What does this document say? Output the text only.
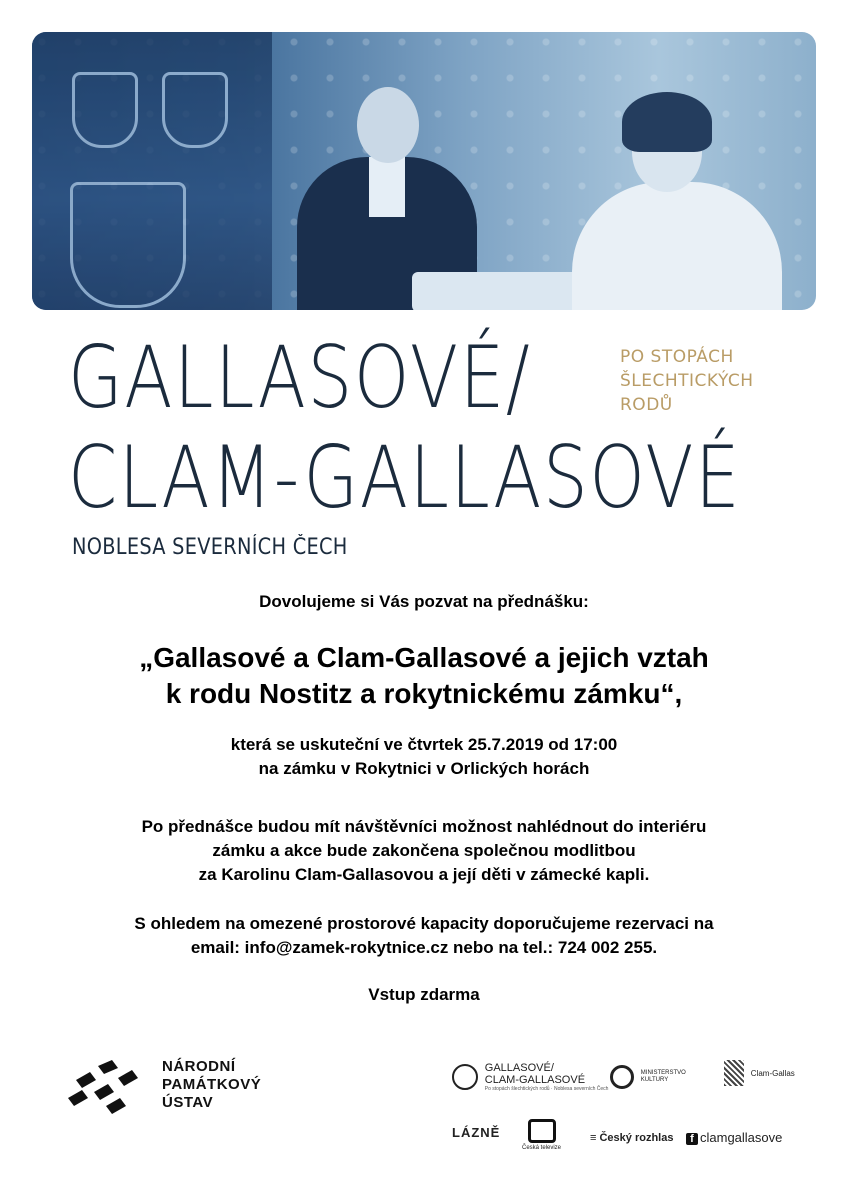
GALLASOVÉ/
CLAM-GALLASOVÉ
PO STOPÁCH
ŠLECHTICKÝCH
RODŮ
NOBLESA SEVERNÍCH ČECH
Dovolujeme si Vás pozvat na přednášku:
„Gallasové a Clam-Gallasové a jejich vztah
k rodu Nostitz a rokytnickému zámku“,
která se uskuteční ve čtvrtek 25.7.2019 od 17:00
na zámku v Rokytnici v Orlických horách
Po přednášce budou mít návštěvníci možnost nahlédnout do interiéru
zámku a akce bude zakončena společnou modlitbou
za Karolinu Clam-Gallasovou a její děti v zámecké kapli.
S ohledem na omezené prostorové kapacity doporučujeme rezervaci na
email: info@zamek-rokytnice.cz nebo na tel.: 724 002 255.
Vstup zdarma
NÁRODNÍ
PAMÁTKOVÝ
ÚSTAV

GALLASOVÉ/
CLAM-GALLASOVÉ
Po stopách šlechtických rodů · Noblesa severních Čech

MINISTERSTVO
KULTURY

Clam-Gallas
LÁZNĚ
Česká televize
≡ Český rozhlas	f clamgallasove
